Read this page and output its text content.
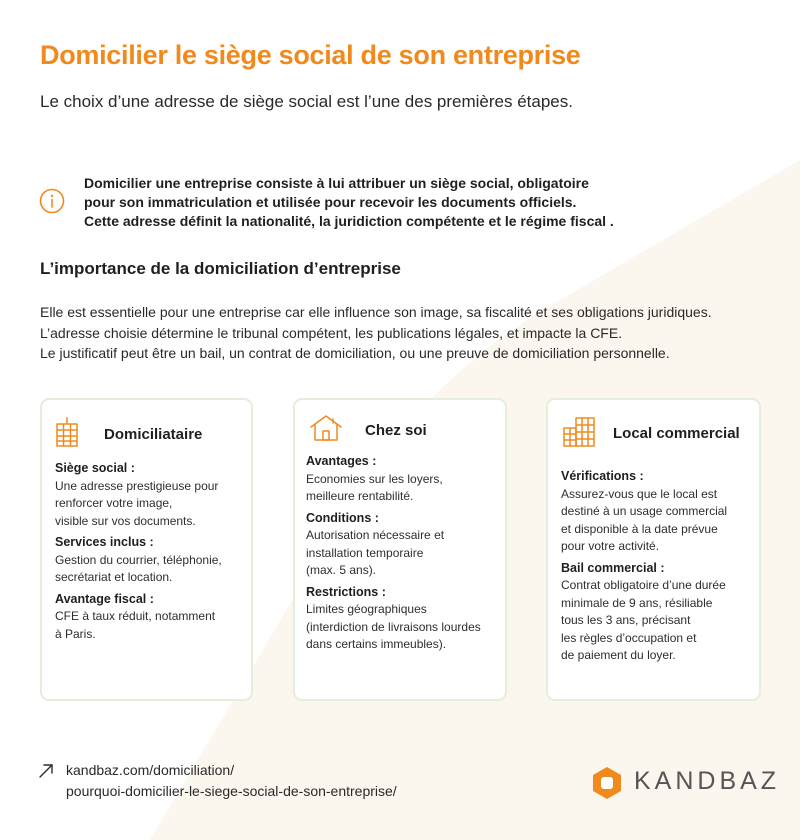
Domicilier le siège social de son entreprise
Le choix d’une adresse de siège social est l’une des premières étapes.
Domicilier une entreprise consiste à lui attribuer un siège social, obligatoire
pour son immatriculation et utilisée pour recevoir les documents officiels.
Cette adresse définit la nationalité, la juridiction compétente et le régime fiscal .
L’importance de la domiciliation d’entreprise
Elle est essentielle pour une entreprise car elle influence son image, sa fiscalité et ses obligations juridiques.
L’adresse choisie détermine le tribunal compétent, les publications légales, et impacte la CFE.
Le justificatif peut être un bail, un contrat de domiciliation, ou une preuve de domiciliation personnelle.
Domiciliataire
Siège social :
Une adresse prestigieuse pour
renforcer votre image,
visible sur vos documents.
Services inclus :
Gestion du courrier, téléphonie,
secrétariat et location.
Avantage fiscal :
CFE à taux réduit, notamment
à Paris.
Chez soi
Avantages :
Economies sur les loyers,
meilleure rentabilité.
Conditions :
Autorisation nécessaire et
installation temporaire
(max. 5 ans).
Restrictions :
Limites géographiques
(interdiction de livraisons lourdes
dans certains immeubles).
Local commercial
Vérifications :
Assurez-vous que le local est
destiné à un usage commercial
et disponible à la date prévue
pour votre activité.
Bail commercial :
Contrat obligatoire d’une durée
minimale de 9 ans, résiliable
tous les 3 ans, précisant
les règles d’occupation et
de paiement du loyer.
kandbaz.com/domiciliation/
pourquoi-domicilier-le-siege-social-de-son-entreprise/	KANDBAZ
